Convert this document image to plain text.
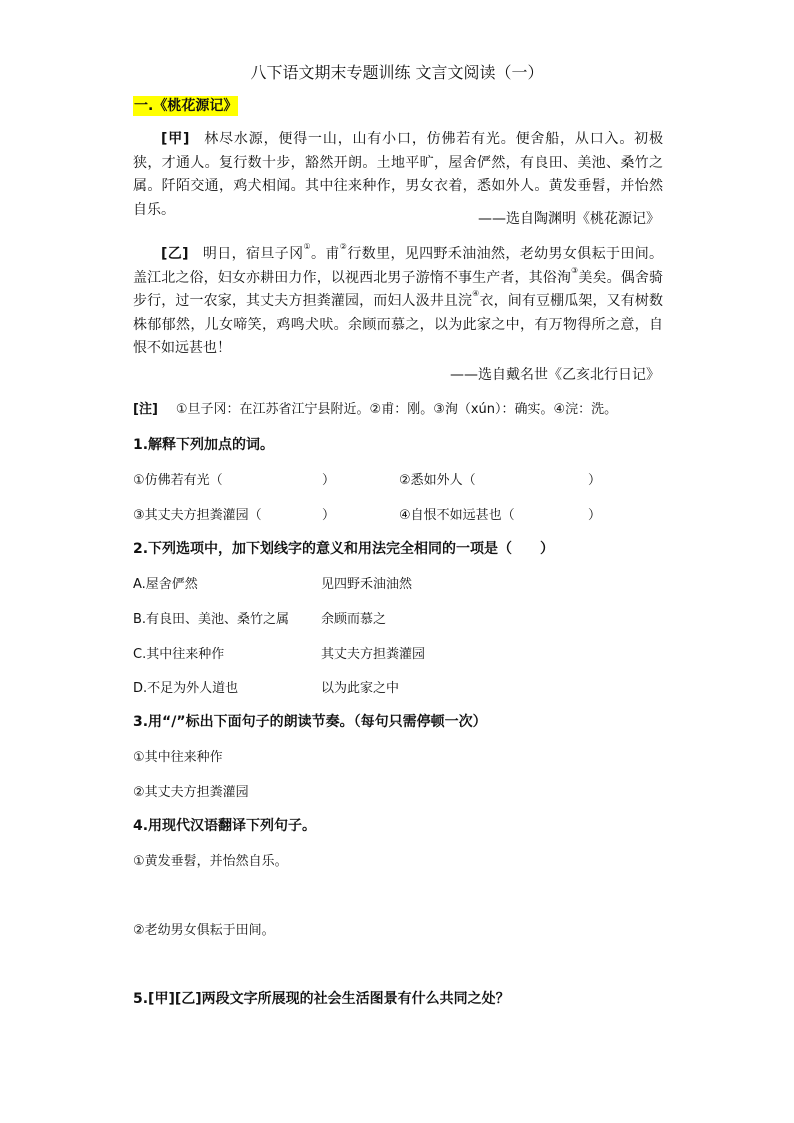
八下语文期末专题训练 文言文阅读（一）
一.《桃花源记》
[甲] 林尽水源，便得一山，山有小口，仿佛若有光。便舍船，从口入。初极狭，才通人。复行数十步，豁然开朗。土地平旷，屋舍俨然，有良田、美池、桑竹之属。阡陌交通，鸡犬相闻。其中往来种作，男女衣着，悉如外人。黄发垂髫，并怡然自乐。
——选自陶渊明《桃花源记》
[乙] 明日，宿旦子冈①。甫②行数里，见四野禾油油然，老幼男女俱耘于田间。盖江北之俗，妇女亦耕田力作，以视西北男子游惰不事生产者，其俗洵③美矣。偶舍骑步行，过一农家，其丈夫方担粪灌园，而妇人汲井且浣④衣，间有豆棚瓜架，又有树数株郁郁然，儿女啼笑，鸡鸣犬吠。余顾而慕之，以为此家之中，有万物得所之意，自恨不如远甚也！
——选自戴名世《乙亥北行日记》
[注] ①旦子冈：在江苏省江宁县附近。②甫：刚。③洵（xún）：确实。④浣：洗。
1.解释下列加点的词。
①仿佛若有光（	）	②悉如外人（	）
③其丈夫方担粪灌园（	）	④自恨不如远甚也（	）
2.下列选项中，加下划线字的意义和用法完全相同的一项是（　　）
A.屋舍俨然	见四野禾油油然
B.有良田、美池、桑竹之属 余顾而慕之
C.其中往来种作	其丈夫方担粪灌园
D.不足为外人道也	以为此家之中
3.用“/”标出下面句子的朗读节奏。（每句只需停顿一次）
①其中往来种作
②其丈夫方担粪灌园
4.用现代汉语翻译下列句子。
①黄发垂髫，并怡然自乐。
②老幼男女俱耘于田间。
5.[甲][乙]两段文字所展现的社会生活图景有什么共同之处？
